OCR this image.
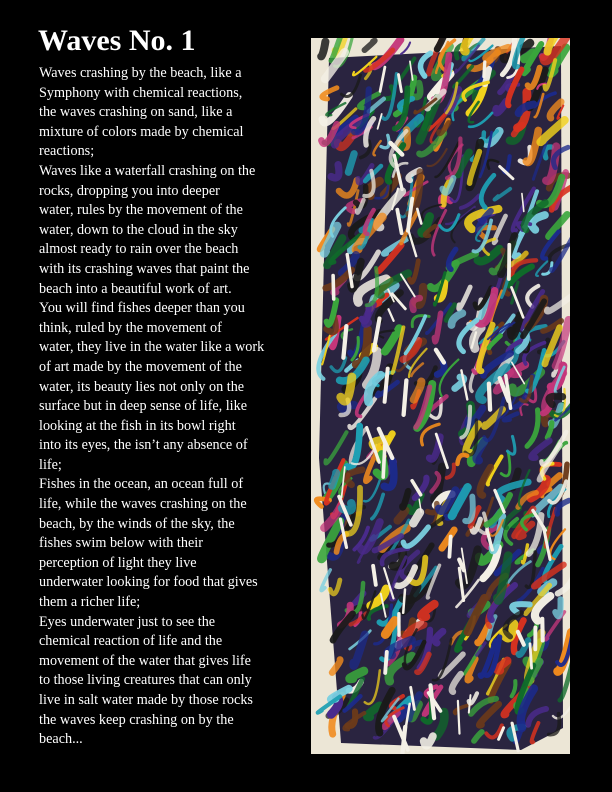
Waves No. 1
Waves crashing by the beach, like a
Symphony with chemical reactions,
the waves crashing on sand, like a
mixture of colors made by chemical
reactions;
Waves like a waterfall crashing on the
rocks, dropping you into deeper
water, rules by the movement of the
water, down to the cloud in the sky
almost ready to rain over the beach
with its crashing waves that paint the
beach into a beautiful work of art.
You will find fishes deeper than you
think, ruled by the movement of
water, they live in the water like a work
of art made by the movement of the
water, its beauty lies not only on the
surface but in deep sense of life, like
looking at the fish in its bowl right
into its eyes, the isn’t any absence of
life;
Fishes in the ocean, an ocean full of
life, while the waves crashing on the
beach, by the winds of the sky, the
fishes swim below with their
perception of light they live
underwater looking for food that gives
them a richer life;
Eyes underwater just to see the
chemical reaction of life and the
movement of the water that gives life
to those living creatures that can only
live in salt water made by those rocks
the waves keep crashing on by the
beach...
